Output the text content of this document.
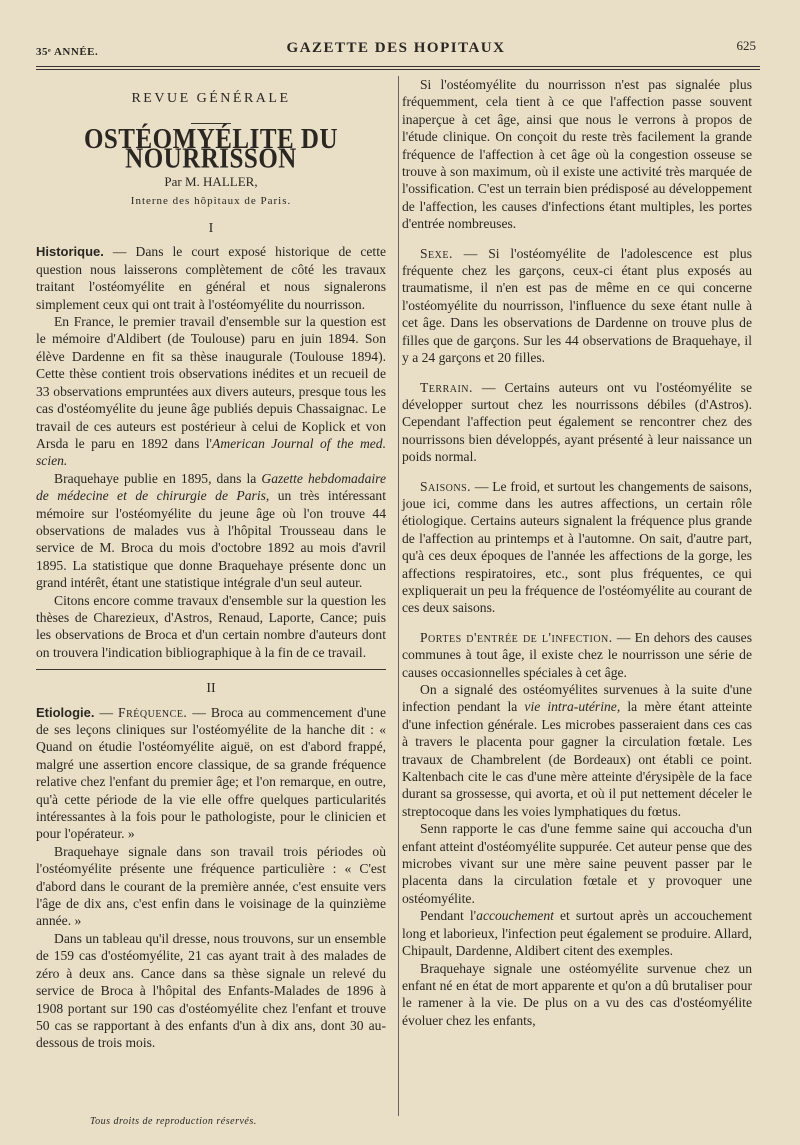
35ᵉ ANNÉE.	GAZETTE DES HOPITAUX	625
REVUE GÉNÉRALE
OSTÉOMYÉLITE DU NOURRISSON
Par M. HALLER,
Interne des hôpitaux de Paris.
I

Historique. — Dans le court exposé historique de cette question nous laisserons complètement de côté les travaux traitant l'ostéomyélite en général et nous signalerons simplement ceux qui ont trait à l'ostéomyélite du nourrisson.

En France, le premier travail d'ensemble sur la question est le mémoire d'Aldibert (de Toulouse) paru en juin 1894. Son élève Dardenne en fit sa thèse inaugurale (Toulouse 1894). Cette thèse contient trois observations inédites et un recueil de 33 observations empruntées aux divers auteurs, presque tous les cas d'ostéomyélite du jeune âge publiés depuis Chassaignac. Le travail de ces auteurs est postérieur à celui de Koplick et von Arsda le paru en 1892 dans l'American Journal of the med. scien.

Braquehaye publie en 1895, dans la Gazette hebdomadaire de médecine et de chirurgie de Paris, un très intéressant mémoire sur l'ostéomyélite du jeune âge où l'on trouve 44 observations de malades vus à l'hôpital Trousseau dans le service de M. Broca du mois d'octobre 1892 au mois d'avril 1895. La statistique que donne Braquehaye présente donc un grand intérêt, étant une statistique intégrale d'un seul auteur.

Citons encore comme travaux d'ensemble sur la question les thèses de Charezieux, d'Astros, Renaud, Laporte, Cance; puis les observations de Broca et d'un certain nombre d'auteurs dont on trouvera l'indication bibliographique à la fin de ce travail.

II

Etiologie. — Fréquence. — Broca au commencement d'une de ses leçons cliniques sur l'ostéomyélite de la hanche dit : « Quand on étudie l'ostéomyélite aiguë, on est d'abord frappé, malgré une assertion encore classique, de sa grande fréquence relative chez l'enfant du premier âge; et l'on remarque, en outre, qu'à cette période de la vie elle offre quelques particularités intéressantes à la fois pour le pathologiste, pour le clinicien et pour l'opérateur. »

Braquehaye signale dans son travail trois périodes où l'ostéomyélite présente une fréquence particulière : « C'est d'abord dans le courant de la première année, c'est ensuite vers l'âge de dix ans, c'est enfin dans le voisinage de la quinzième année. »

Dans un tableau qu'il dresse, nous trouvons, sur un ensemble de 159 cas d'ostéomyélite, 21 cas ayant trait à des malades de zéro à deux ans. Cance dans sa thèse signale un relevé du service de Broca à l'hôpital des Enfants-Malades de 1896 à 1908 portant sur 190 cas d'ostéomyélite chez l'enfant et trouve 50 cas se rapportant à des enfants d'un à dix ans, dont 30 au-dessous de trois mois.

Si l'ostéomyélite du nourrisson n'est pas signalée plus fréquemment, cela tient à ce que l'affection passe souvent inaperçue à cet âge, ainsi que nous le verrons à propos de l'étude clinique. On conçoit du reste très facilement la grande fréquence de l'affection à cet âge où la congestion osseuse se trouve à son maximum, où il existe une activité très marquée de l'ossification. C'est un terrain bien prédisposé au développement de l'affection, les causes d'infections étant multiples, les portes d'entrée nombreuses.

Sexe. — Si l'ostéomyélite de l'adolescence est plus fréquente chez les garçons, ceux-ci étant plus exposés au traumatisme, il n'en est pas de même en ce qui concerne l'ostéomyélite du nourrisson, l'influence du sexe étant nulle à cet âge. Dans les observations de Dardenne on trouve plus de filles que de garçons. Sur les 44 observations de Braquehaye, il y a 24 garçons et 20 filles.

Terrain. — Certains auteurs ont vu l'ostéomyélite se développer surtout chez les nourrissons débiles (d'Astros). Cependant l'affection peut également se rencontrer chez des nourrissons bien développés, ayant présenté à leur naissance un poids normal.

Saisons. — Le froid, et surtout les changements de saisons, joue ici, comme dans les autres affections, un certain rôle étiologique. Certains auteurs signalent la fréquence plus grande de l'affection au printemps et à l'automne. On sait, d'autre part, qu'à ces deux époques de l'année les affections de la gorge, les affections respiratoires, etc., sont plus fréquentes, ce qui expliquerait un peu la fréquence de l'ostéomyélite au courant de ces deux saisons.

Portes d'entrée de l'infection. — En dehors des causes communes à tout âge, il existe chez le nourrisson une série de causes occasionnelles spéciales à cet âge.

On a signalé des ostéomyélites survenues à la suite d'une infection pendant la vie intra-utérine, la mère étant atteinte d'une infection générale. Les microbes passeraient dans ces cas à travers le placenta pour gagner la circulation fœtale. Les travaux de Chambrelent (de Bordeaux) ont établi ce point. Kaltenbach cite le cas d'une mère atteinte d'érysipèle de la face durant sa grossesse, qui avorta, et où il put nettement déceler le streptocoque dans les voies lymphatiques du fœtus.

Senn rapporte le cas d'une femme saine qui accoucha d'un enfant atteint d'ostéomyélite suppurée. Cet auteur pense que des microbes vivant sur une mère saine peuvent passer par le placenta dans la circulation fœtale et y provoquer une ostéomyélite.

Pendant l'accouchement et surtout après un accouchement long et laborieux, l'infection peut également se produire. Allard, Chipault, Dardenne, Aldibert citent des exemples.

Braquehaye signale une ostéomyélite survenue chez un enfant né en état de mort apparente et qu'on a dû brutaliser pour le ramener à la vie. De plus on a vu des cas d'ostéomyélite évoluer chez les enfants,

Tous droits de reproduction réservés.
